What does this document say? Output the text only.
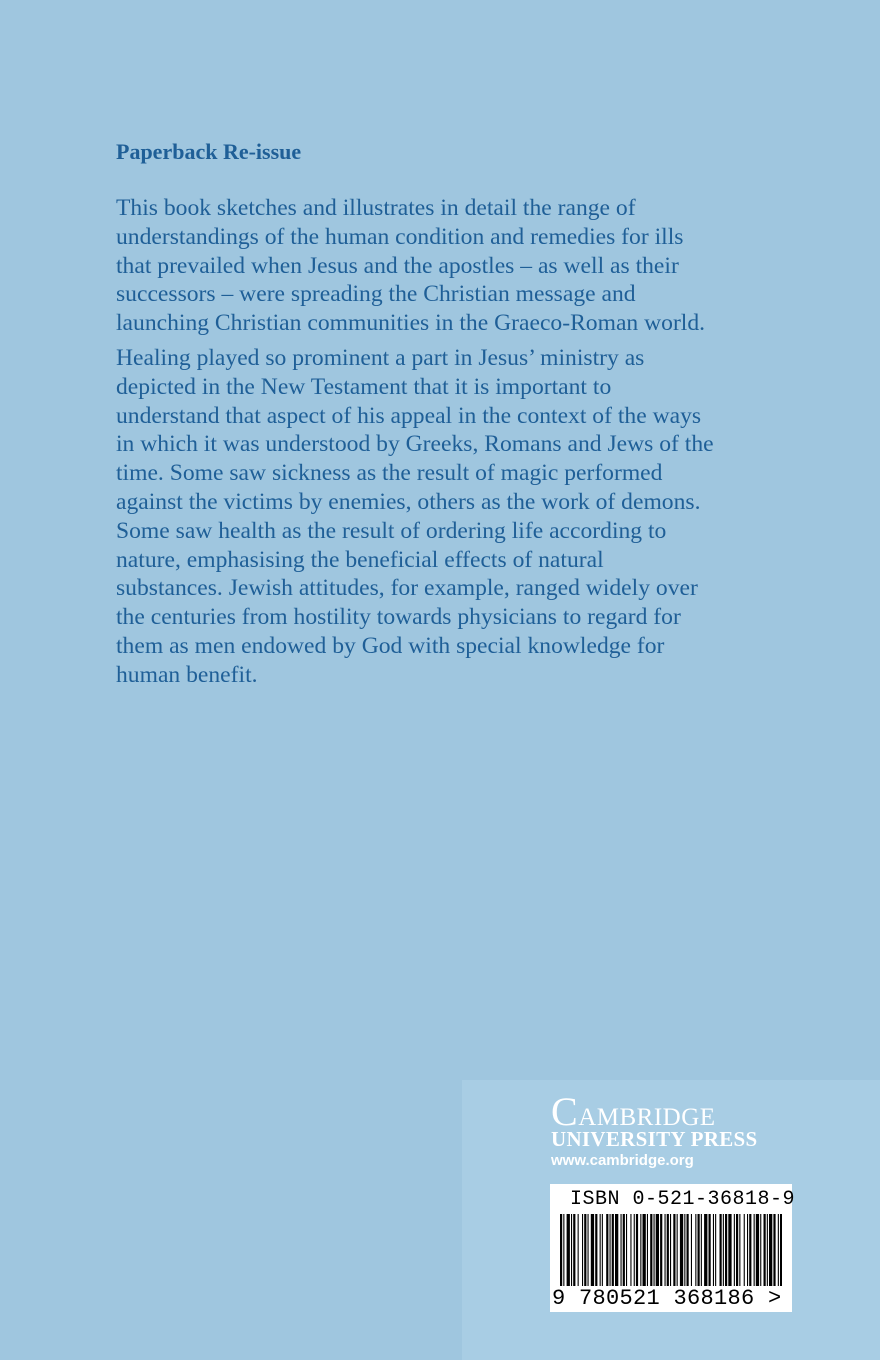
Paperback Re-issue

This book sketches and illustrates in detail the range of
understandings of the human condition and remedies for ills
that prevailed when Jesus and the apostles – as well as their
successors – were spreading the Christian message and
launching Christian communities in the Graeco-Roman world.

Healing played so prominent a part in Jesus’ ministry as
depicted in the New Testament that it is important to
understand that aspect of his appeal in the context of the ways
in which it was understood by Greeks, Romans and Jews of the
time. Some saw sickness as the result of magic performed
against the victims by enemies, others as the work of demons.
Some saw health as the result of ordering life according to
nature, emphasising the beneficial effects of natural
substances. Jewish attitudes, for example, ranged widely over
the centuries from hostility towards physicians to regard for
them as men endowed by God with special knowledge for
human benefit.

Cambridge
UNIVERSITY PRESS
www.cambridge.org
ISBN 0-521-36818-9
9 780521 368186 >
